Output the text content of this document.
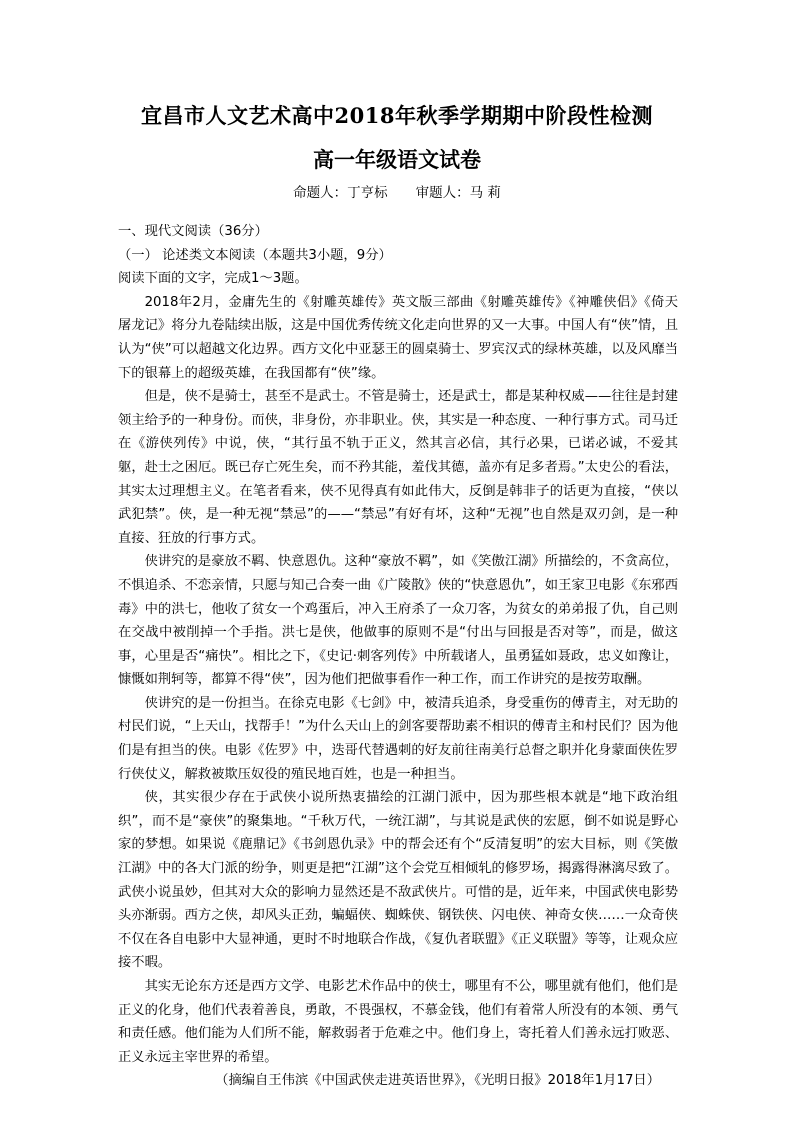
宜昌市人文艺术高中2018年秋季学期期中阶段性检测
高一年级语文试卷
命题人：丁亨标 审题人：马 莉

一、现代文阅读（36分）

（一） 论述类文本阅读（本题共3小题，9分）

阅读下面的文字，完成1～3题。

2018年2月，金庸先生的《射雕英雄传》英文版三部曲《射雕英雄传》《神雕侠侣》《倚天屠龙记》将分九卷陆续出版，这是中国优秀传统文化走向世界的又一大事。中国人有“侠”情，且认为“侠”可以超越文化边界。西方文化中亚瑟王的圆桌骑士、罗宾汉式的绿林英雄，以及风靡当下的银幕上的超级英雄，在我国都有“侠”缘。

但是，侠不是骑士，甚至不是武士。不管是骑士，还是武士，都是某种权威——往往是封建领主给予的一种身份。而侠，非身份，亦非职业。侠，其实是一种态度、一种行事方式。司马迁在《游侠列传》中说，侠，“其行虽不轨于正义，然其言必信，其行必果，已诺必诚，不爱其躯，赴士之困厄。既已存亡死生矣，而不矜其能，羞伐其德，盖亦有足多者焉。”太史公的看法，其实太过理想主义。在笔者看来，侠不见得真有如此伟大，反倒是韩非子的话更为直接，“侠以武犯禁”。侠，是一种无视“禁忌”的——“禁忌”有好有坏，这种“无视”也自然是双刃剑，是一种直接、狂放的行事方式。

侠讲究的是豪放不羁、快意恩仇。这种“豪放不羁”，如《笑傲江湖》所描绘的，不贪高位，不惧追杀、不恋亲情，只愿与知己合奏一曲《广陵散》侠的“快意恩仇”，如王家卫电影《东邪西毒》中的洪七，他收了贫女一个鸡蛋后，冲入王府杀了一众刀客，为贫女的弟弟报了仇，自己则在交战中被削掉一个手指。洪七是侠，他做事的原则不是“付出与回报是否对等”，而是，做这事，心里是否“痛快”。相比之下，《史记·刺客列传》中所载诸人，虽勇猛如聂政，忠义如豫让，慷慨如荆轲等，都算不得“侠”，因为他们把做事看作一种工作，而工作讲究的是按劳取酬。

侠讲究的是一份担当。在徐克电影《七剑》中，被清兵追杀，身受重伤的傅青主，对无助的村民们说，“上天山，找帮手！”为什么天山上的剑客要帮助素不相识的傅青主和村民们？因为他们是有担当的侠。电影《佐罗》中，迭哥代替遇刺的好友前往南美行总督之职并化身蒙面侠佐罗行侠仗义，解救被欺压奴役的殖民地百姓，也是一种担当。

侠，其实很少存在于武侠小说所热衷描绘的江湖门派中，因为那些根本就是“地下政治组织”，而不是“豪侠”的聚集地。“千秋万代，一统江湖”，与其说是武侠的宏愿，倒不如说是野心家的梦想。如果说《鹿鼎记》《书剑恩仇录》中的帮会还有个“反清复明”的宏大目标，则《笑傲江湖》中的各大门派的纷争，则更是把“江湖”这个会党互相倾轧的修罗场，揭露得淋漓尽致了。武侠小说虽妙，但其对大众的影响力显然还是不敌武侠片。可惜的是，近年来，中国武侠电影势头亦渐弱。西方之侠，却风头正劲，蝙蝠侠、蜘蛛侠、钢铁侠、闪电侠、神奇女侠……一众奇侠不仅在各自电影中大显神通，更时不时地联合作战，《复仇者联盟》《正义联盟》等等，让观众应接不暇。

其实无论东方还是西方文学、电影艺术作品中的侠士，哪里有不公，哪里就有他们，他们是正义的化身，他们代表着善良，勇敢，不畏强权，不慕金钱，他们有着常人所没有的本领、勇气和责任感。他们能为人们所不能，解救弱者于危难之中。他们身上，寄托着人们善永远打败恶、正义永远主宰世界的希望。

（摘编自王伟滨《中国武侠走进英语世界》，《光明日报》2018年1月17日）
